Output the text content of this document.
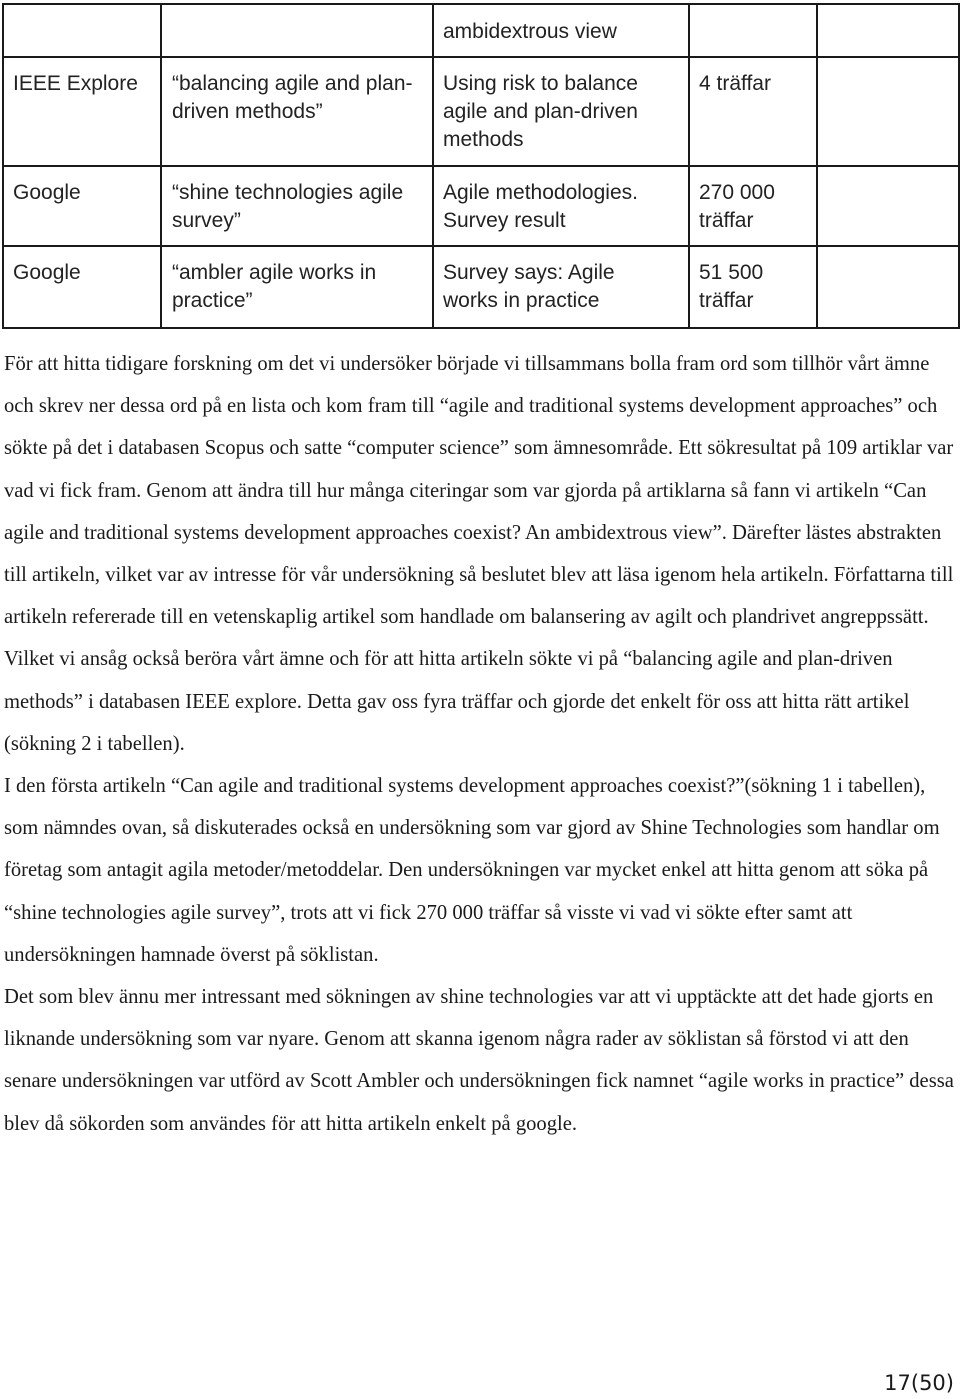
		ambidextrous view		

IEEE Explore	“balancing agile and plan-driven methods”	Using risk to balance agile and plan-driven methods	4 träffar	

Google	“shine technologies agile survey”	Agile methodologies. Survey result	270 000 träffar	

Google	“ambler agile works in practice”	Survey says: Agile works in practice	51 500 träffar	

För att hitta tidigare forskning om det vi undersöker började vi tillsammans bolla fram ord som tillhör vårt ämne och skrev ner dessa ord på en lista och kom fram till “agile and traditional systems development approaches” och sökte på det i databasen Scopus och satte “computer science” som ämnesområde. Ett sökresultat på 109 artiklar var vad vi fick fram. Genom att ändra till hur många citeringar som var gjorda på artiklarna så fann vi artikeln “Can agile and traditional systems development approaches coexist? An ambidextrous view”. Därefter lästes abstrakten till artikeln, vilket var av intresse för vår undersökning så beslutet blev att läsa igenom hela artikeln. Författarna till artikeln refererade till en vetenskaplig artikel som handlade om balansering av agilt och plandrivet angreppssätt. Vilket vi ansåg också beröra vårt ämne och för att hitta artikeln sökte vi på “balancing agile and plan-driven methods” i databasen IEEE explore. Detta gav oss fyra träffar och gjorde det enkelt för oss att hitta rätt artikel (sökning 2 i tabellen).

I den första artikeln “Can agile and traditional systems development approaches coexist?”(sökning 1 i tabellen), som nämndes ovan, så diskuterades också en undersökning som var gjord av Shine Technologies som handlar om företag som antagit agila metoder/metoddelar. Den undersökningen var mycket enkel att hitta genom att söka på “shine technologies agile survey”, trots att vi fick 270 000 träffar så visste vi vad vi sökte efter samt att undersökningen hamnade överst på söklistan.

Det som blev ännu mer intressant med sökningen av shine technologies var att vi upptäckte att det hade gjorts en liknande undersökning som var nyare. Genom att skanna igenom några rader av söklistan så förstod vi att den senare undersökningen var utförd av Scott Ambler och undersökningen fick namnet “agile works in practice” dessa blev då sökorden som användes för att hitta artikeln enkelt på google.

17(50)
